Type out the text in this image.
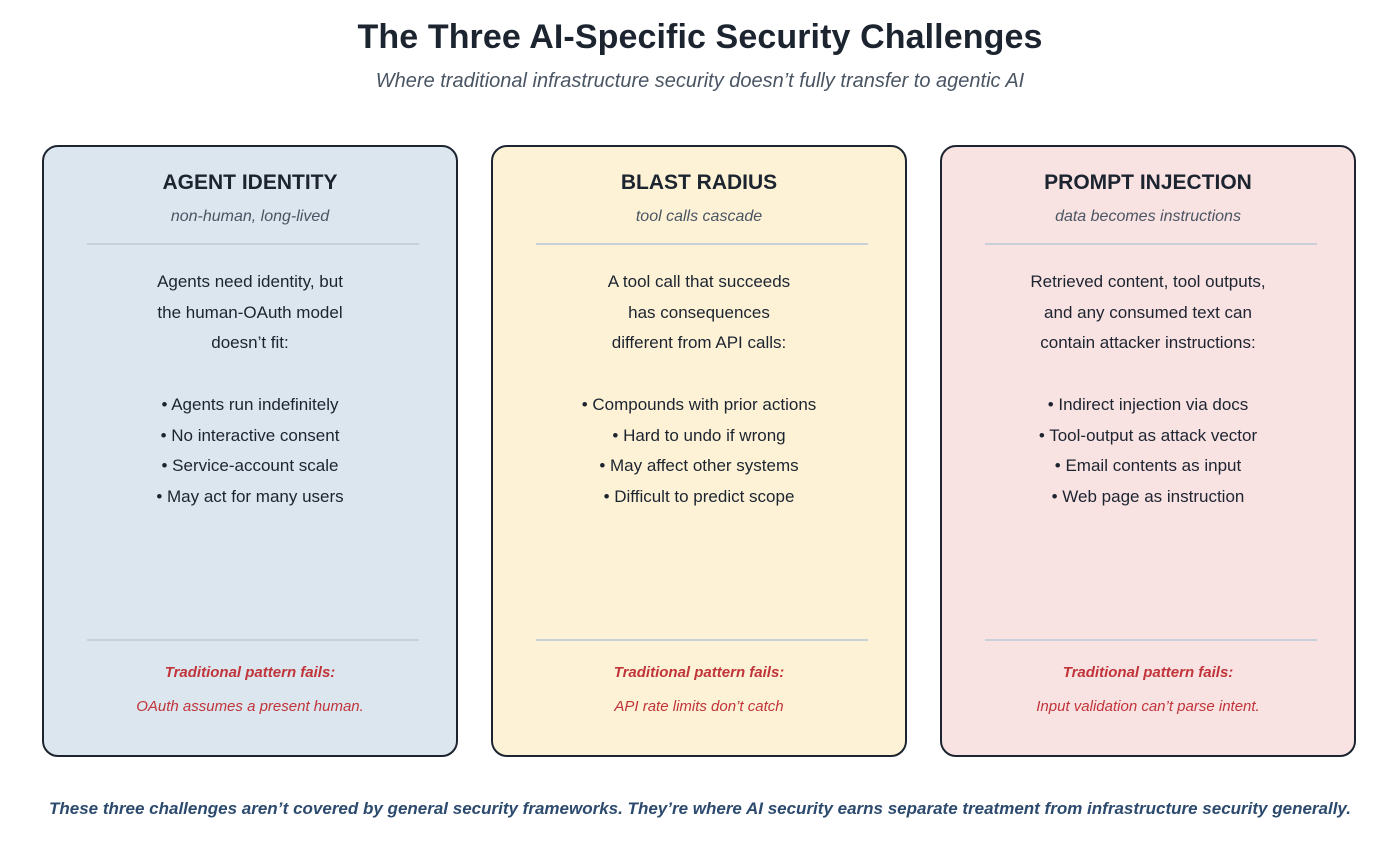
The Three AI-Specific Security Challenges
Where traditional infrastructure security doesn’t fully transfer to agentic AI
AGENT IDENTITY
non-human, long-lived
Agents need identity, but
the human-OAuth model
doesn’t fit:
• Agents run indefinitely
• No interactive consent
• Service-account scale
• May act for many users
Traditional pattern fails:
OAuth assumes a present human.
BLAST RADIUS
tool calls cascade
A tool call that succeeds
has consequences
different from API calls:
• Compounds with prior actions
• Hard to undo if wrong
• May affect other systems
• Difficult to predict scope
Traditional pattern fails:
API rate limits don’t catch
PROMPT INJECTION
data becomes instructions
Retrieved content, tool outputs,
and any consumed text can
contain attacker instructions:
• Indirect injection via docs
• Tool-output as attack vector
• Email contents as input
• Web page as instruction
Traditional pattern fails:
Input validation can’t parse intent.
These three challenges aren’t covered by general security frameworks. They’re where AI security earns separate treatment from infrastructure security generally.
